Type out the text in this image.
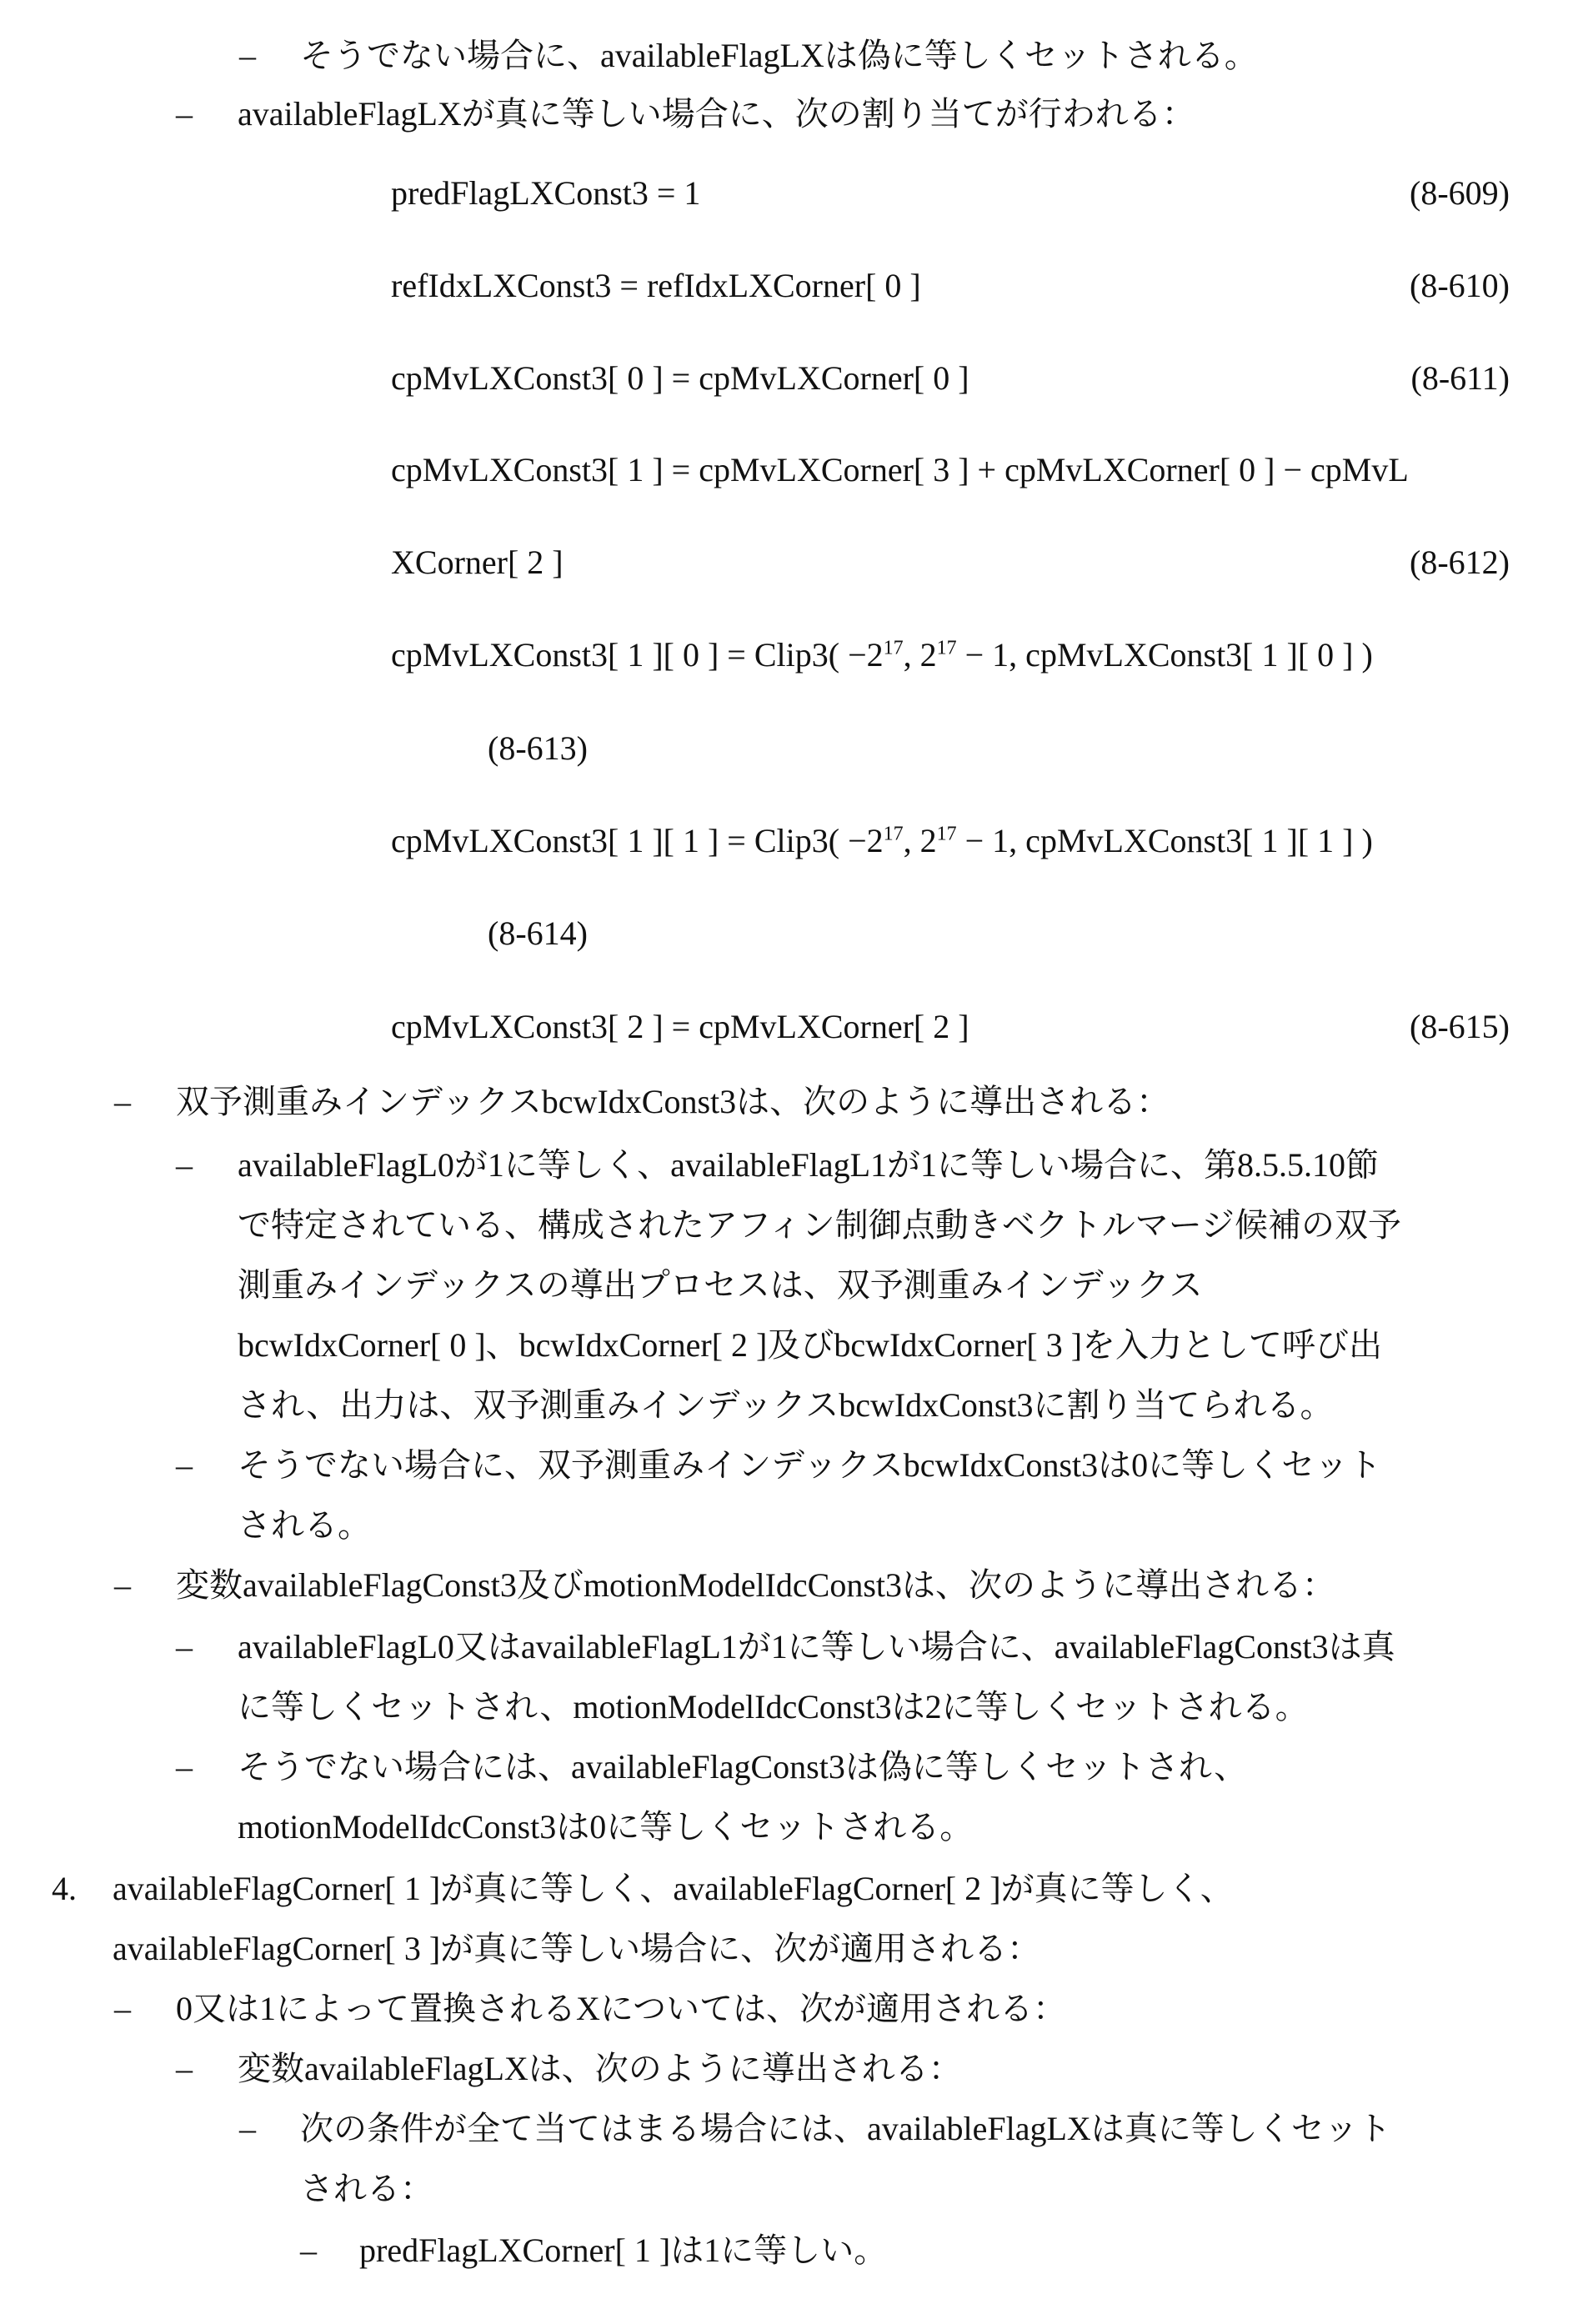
– そうでない場合に、availableFlagLXは偽に等しくセットされる。
– availableFlagLXが真に等しい場合に、次の割り当てが行われる：
predFlagLXConst3 = 1	(8-609)
refIdxLXConst3 = refIdxLXCorner[ 0 ]	(8-610)
cpMvLXConst3[ 0 ] = cpMvLXCorner[ 0 ]	(8-611)
cpMvLXConst3[ 1 ] = cpMvLXCorner[ 3 ] + cpMvLXCorner[ 0 ] − cpMvL
XCorner[ 2 ]	(8-612)
cpMvLXConst3[ 1 ][ 0 ] = Clip3( −217, 217 − 1, cpMvLXConst3[ 1 ][ 0 ] )
(8-613)
cpMvLXConst3[ 1 ][ 1 ] = Clip3( −217, 217 − 1, cpMvLXConst3[ 1 ][ 1 ] )
(8-614)
cpMvLXConst3[ 2 ] = cpMvLXCorner[ 2 ]	(8-615)
– 双予測重みインデックスbcwIdxConst3は、次のように導出される：
– availableFlagL0が1に等しく、availableFlagL1が1に等しい場合に、第8.5.5.10節
で特定されている、構成されたアフィン制御点動きベクトルマージ候補の双予
測重みインデックスの導出プロセスは、双予測重みインデックス
bcwIdxCorner[ 0 ]、bcwIdxCorner[ 2 ]及びbcwIdxCorner[ 3 ]を入力として呼び出
され、出力は、双予測重みインデックスbcwIdxConst3に割り当てられる。
– そうでない場合に、双予測重みインデックスbcwIdxConst3は0に等しくセット
される。
– 変数availableFlagConst3及びmotionModelIdcConst3は、次のように導出される：
– availableFlagL0又はavailableFlagL1が1に等しい場合に、availableFlagConst3は真
に等しくセットされ、motionModelIdcConst3は2に等しくセットされる。
– そうでない場合には、availableFlagConst3は偽に等しくセットされ、
motionModelIdcConst3は0に等しくセットされる。
4. availableFlagCorner[ 1 ]が真に等しく、availableFlagCorner[ 2 ]が真に等しく、
availableFlagCorner[ 3 ]が真に等しい場合に、次が適用される：
– 0又は1によって置換されるXについては、次が適用される：
– 変数availableFlagLXは、次のように導出される：
– 次の条件が全て当てはまる場合には、availableFlagLXは真に等しくセット
される：
– predFlagLXCorner[ 1 ]は1に等しい。
